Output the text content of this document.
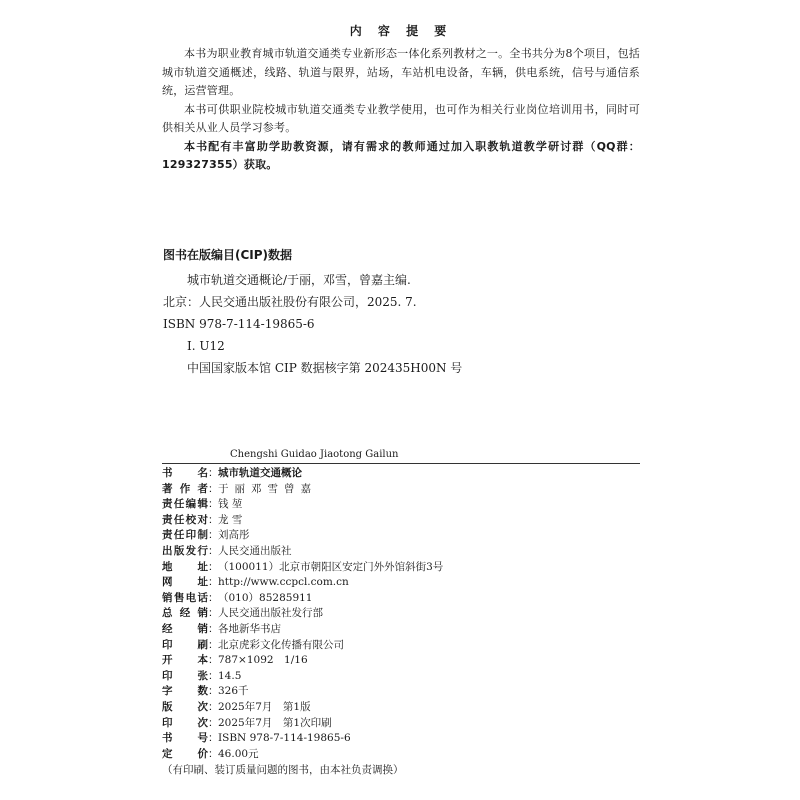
内 容 提 要

本书为职业教育城市轨道交通类专业新形态一体化系列教材之一。全书共分为8个项目，包括城市轨道交通概述，线路、轨道与限界，站场，车站机电设备，车辆，供电系统，信号与通信系统，运营管理。

本书可供职业院校城市轨道交通类专业教学使用，也可作为相关行业岗位培训用书，同时可供相关从业人员学习参考。

本书配有丰富助学助教资源，请有需求的教师通过加入职教轨道教学研讨群（QQ群：129327355）获取。

图书在版编目(CIP)数据
城市轨道交通概论/于丽，邓雪，曾嘉主编.
北京：人民交通出版社股份有限公司，2025. 7.
ISBN 978-7-114-19865-6
Ⅰ. U12
中国国家版本馆 CIP 数据核字第 202435H00N 号
Chengshi Guidao Jiaotong Gailun
书 名 ： 城市轨道交通概论
著 作 者 ： 于丽邓雪曾嘉
责 任 编 辑 ： 钱 堃
责 任 校 对 ： 龙 雪
责 任 印 制 ： 刘高彤
出 版 发 行 ： 人民交通出版社
地 址 ： （100011）北京市朝阳区安定门外外馆斜街3号
网 址 ： http://www.ccpcl.com.cn
销 售 电 话 ： （010）85285911
总 经 销 ： 人民交通出版社发行部
经 销 ： 各地新华书店
印 刷 ： 北京虎彩文化传播有限公司
开 本 ： 787×1092　1/16
印 张 ： 14.5
字 数 ： 326千
版 次 ： 2025年7月　第1版
印 次 ： 2025年7月　第1次印刷
书 号 ： ISBN 978-7-114-19865-6
定 价 ： 46.00元
（有印刷、装订质量问题的图书，由本社负责调换）
